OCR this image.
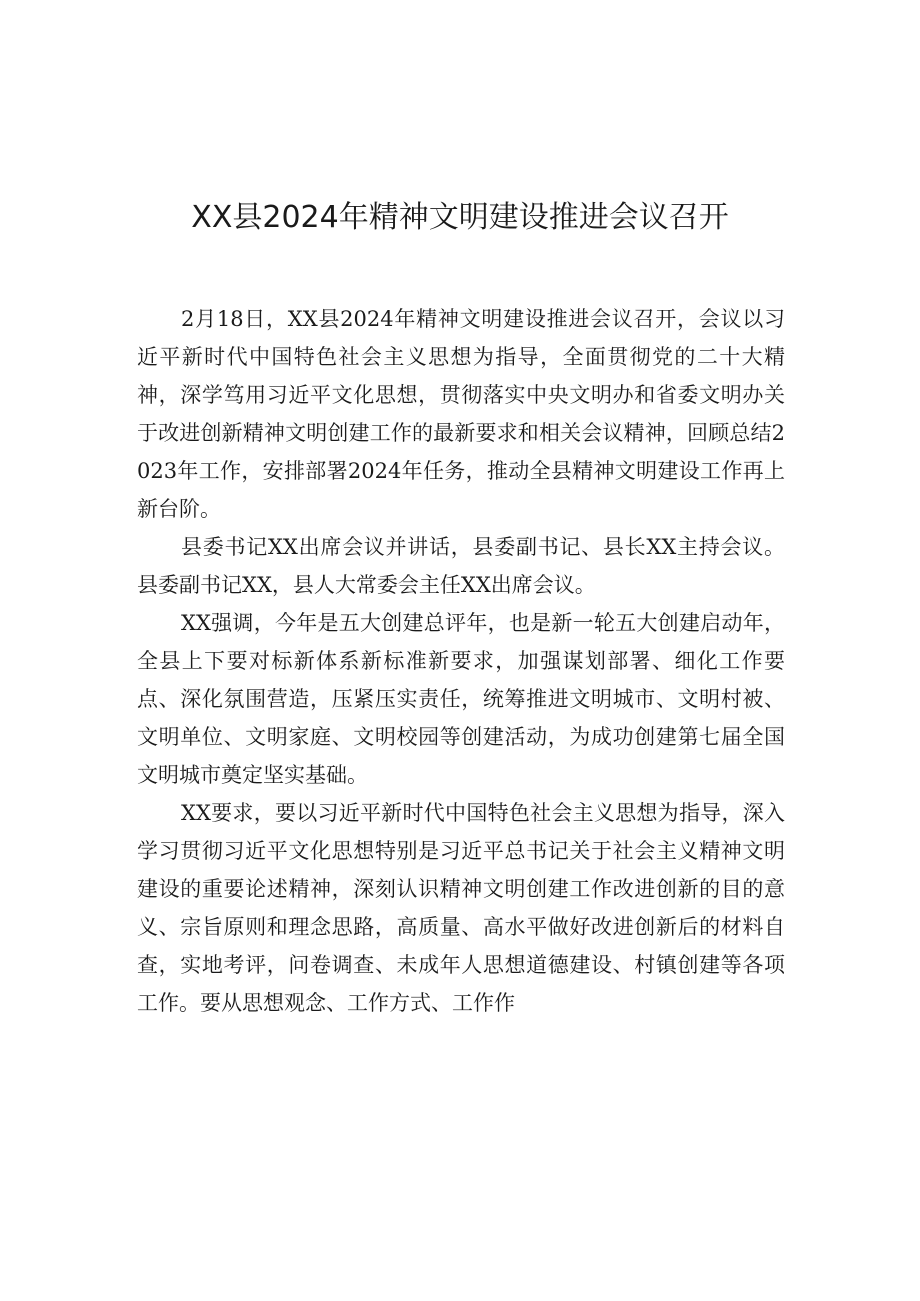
XX县2024年精神文明建设推进会议召开

2月18日，XX县2024年精神文明建设推进会议召开，会议以习近平新时代中国特色社会主义思想为指导，全面贯彻党的二十大精神，深学笃用习近平文化思想，贯彻落实中央文明办和省委文明办关于改进创新精神文明创建工作的最新要求和相关会议精神，回顾总结2023年工作，安排部署2024年任务，推动全县精神文明建设工作再上新台阶。

县委书记XX出席会议并讲话，县委副书记、县长XX主持会议。县委副书记XX，县人大常委会主任XX出席会议。

XX强调，今年是五大创建总评年，也是新一轮五大创建启动年，全县上下要对标新体系新标准新要求，加强谋划部署、细化工作要点、深化氛围营造，压紧压实责任，统筹推进文明城市、文明村被、文明单位、文明家庭、文明校园等创建活动，为成功创建第七届全国文明城市奠定坚实基础。

XX要求，要以习近平新时代中国特色社会主义思想为指导，深入学习贯彻习近平文化思想特别是习近平总书记关于社会主义精神文明建设的重要论述精神，深刻认识精神文明创建工作改进创新的目的意义、宗旨原则和理念思路，高质量、高水平做好改进创新后的材料自查，实地考评，问卷调查、未成年人思想道德建设、村镇创建等各项工作。要从思想观念、工作方式、工作作
